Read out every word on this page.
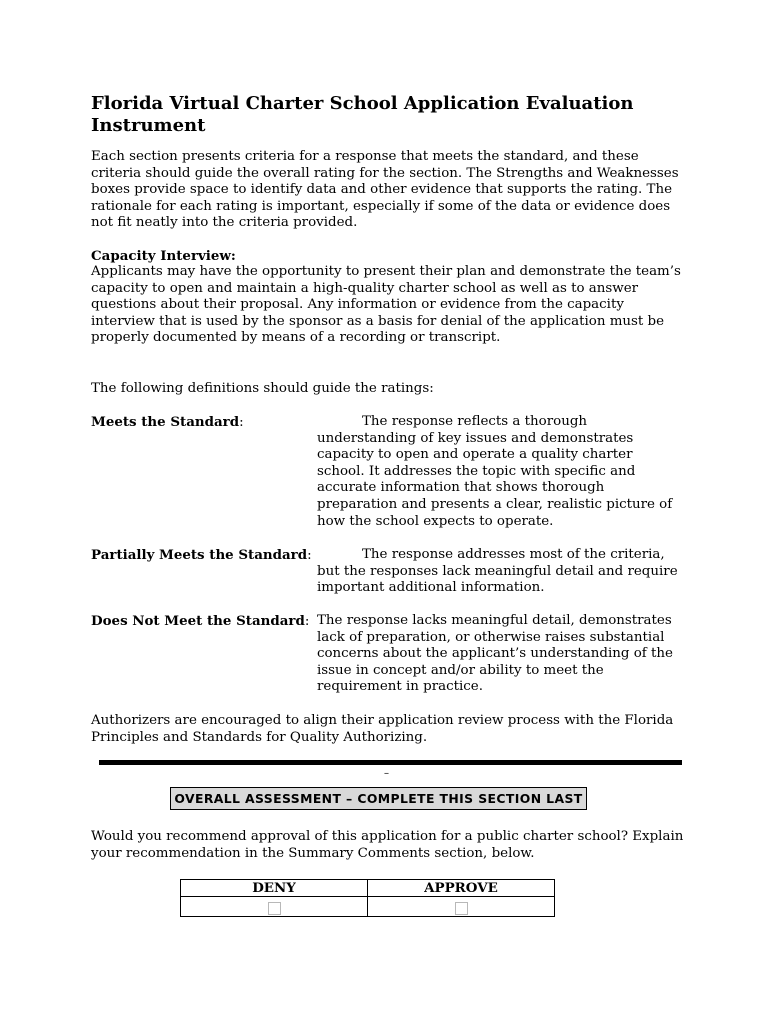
Florida Virtual Charter School Application Evaluation Instrument

Each section presents criteria for a response that meets the standard, and these criteria should guide the overall rating for the section. The Strengths and Weaknesses boxes provide space to identify data and other evidence that supports the rating. The rationale for each rating is important, especially if some of the data or evidence does not fit neatly into the criteria provided.

Capacity Interview:

Applicants may have the opportunity to present their plan and demonstrate the team’s capacity to open and maintain a high-quality charter school as well as to answer questions about their proposal. Any information or evidence from the capacity interview that is used by the sponsor as a basis for denial of the application must be properly documented by means of a recording or transcript.

The following definitions should guide the ratings:

Meets the Standard:	The response reflects a thorough understanding of key issues and demonstrates capacity to open and operate a quality charter school. It addresses the topic with specific and accurate information that shows thorough preparation and presents a clear, realistic picture of how the school expects to operate.

Partially Meets the Standard:	The response addresses most of the criteria, but the responses lack meaningful detail and require important additional information.

Does Not Meet the Standard: The response lacks meaningful detail, demonstrates lack of preparation, or otherwise raises substantial concerns about the applicant’s understanding of the issue in concept and/or ability to meet the requirement in practice.

Authorizers are encouraged to align their application review process with the Florida Principles and Standards for Quality Authorizing.

–
OVERALL ASSESSMENT – COMPLETE THIS SECTION LAST

Would you recommend approval of this application for a public charter school? Explain your recommendation in the Summary Comments section, below.

DENY	APPROVE
